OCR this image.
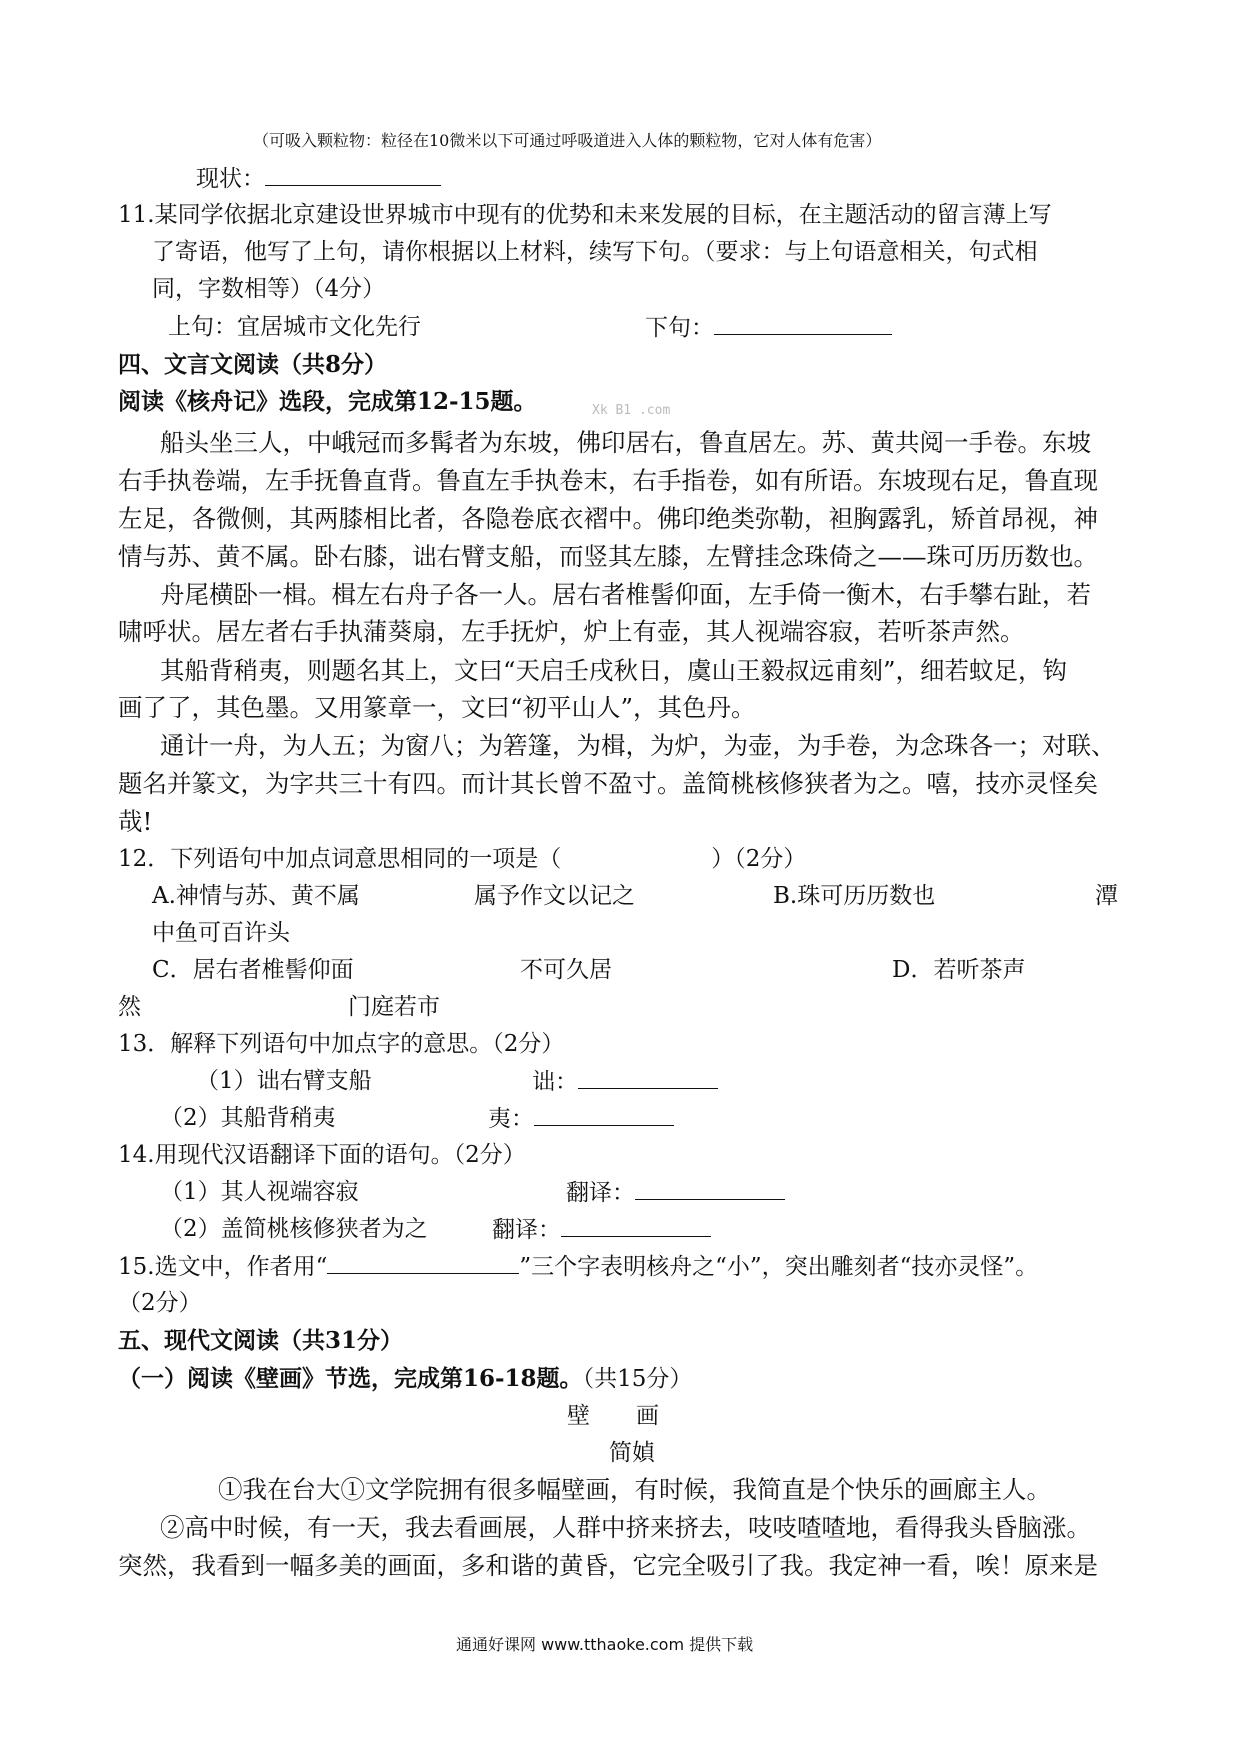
（可吸入颗粒物：粒径在10微米以下可通过呼吸道进入人体的颗粒物，它对人体有危害）
现状：
11.某同学依据北京建设世界城市中现有的优势和未来发展的目标，在主题活动的留言薄上写
了寄语，他写了上句，请你根据以上材料，续写下句。（要求：与上句语意相关，句式相
同，字数相等）（4分）
上句：宜居城市文化先行	下句：
四、文言文阅读（共8分）
阅读《核舟记》选段，完成第12-15题。	Xk B1 .com
船头坐三人，中峨冠而多髯者为东坡，佛印居右，鲁直居左。苏、黄共阅一手卷。东坡
右手执卷端，左手抚鲁直背。鲁直左手执卷末，右手指卷，如有所语。东坡现右足，鲁直现
左足，各微侧，其两膝相比者，各隐卷底衣褶中。佛印绝类弥勒，袒胸露乳，矫首昂视，神
情与苏、黄不属。卧右膝，诎右臂支船，而竖其左膝，左臂挂念珠倚之——珠可历历数也。
舟尾横卧一楫。楫左右舟子各一人。居右者椎髻仰面，左手倚一衡木，右手攀右趾，若
啸呼状。居左者右手执蒲葵扇，左手抚炉，炉上有壶，其人视端容寂，若听茶声然。
其船背稍夷，则题名其上，文曰“天启壬戌秋日，虞山王毅叔远甫刻”，细若蚊足，钩
画了了，其色墨。又用篆章一，文曰“初平山人”，其色丹。
通计一舟，为人五；为窗八；为箬篷，为楫，为炉，为壶，为手卷，为念珠各一；对联、
题名并篆文，为字共三十有四。而计其长曾不盈寸。盖简桃核修狭者为之。嘻，技亦灵怪矣
哉!
12．下列语句中加点词意思相同的一项是（	）（2分）
A.神情与苏、黄不属	属予作文以记之	B.珠可历历数也	潭
中鱼可百许头
C．居右者椎髻仰面	不可久居	D．若听茶声
然	门庭若市
13．解释下列语句中加点字的意思。（2分）
（1）诎右臂支船	诎：
（2）其船背稍夷	夷：
14.用现代汉语翻译下面的语句。（2分）
（1）其人视端容寂	翻译：
（2）盖简桃核修狭者为之	翻译：
15.选文中，作者用“	”三个字表明核舟之“小”，突出雕刻者“技亦灵怪”。
（2分）
五、现代文阅读（共31分）
（一）阅读《壁画》节选，完成第16-18题。（共15分）
壁　　画
简媜
①我在台大①文学院拥有很多幅壁画，有时候，我简直是个快乐的画廊主人。
②高中时候，有一天，我去看画展，人群中挤来挤去，吱吱喳喳地，看得我头昏脑涨。
突然，我看到一幅多美的画面，多和谐的黄昏，它完全吸引了我。我定神一看，唉！原来是
通通好课网 www.tthaoke.com 提供下载
